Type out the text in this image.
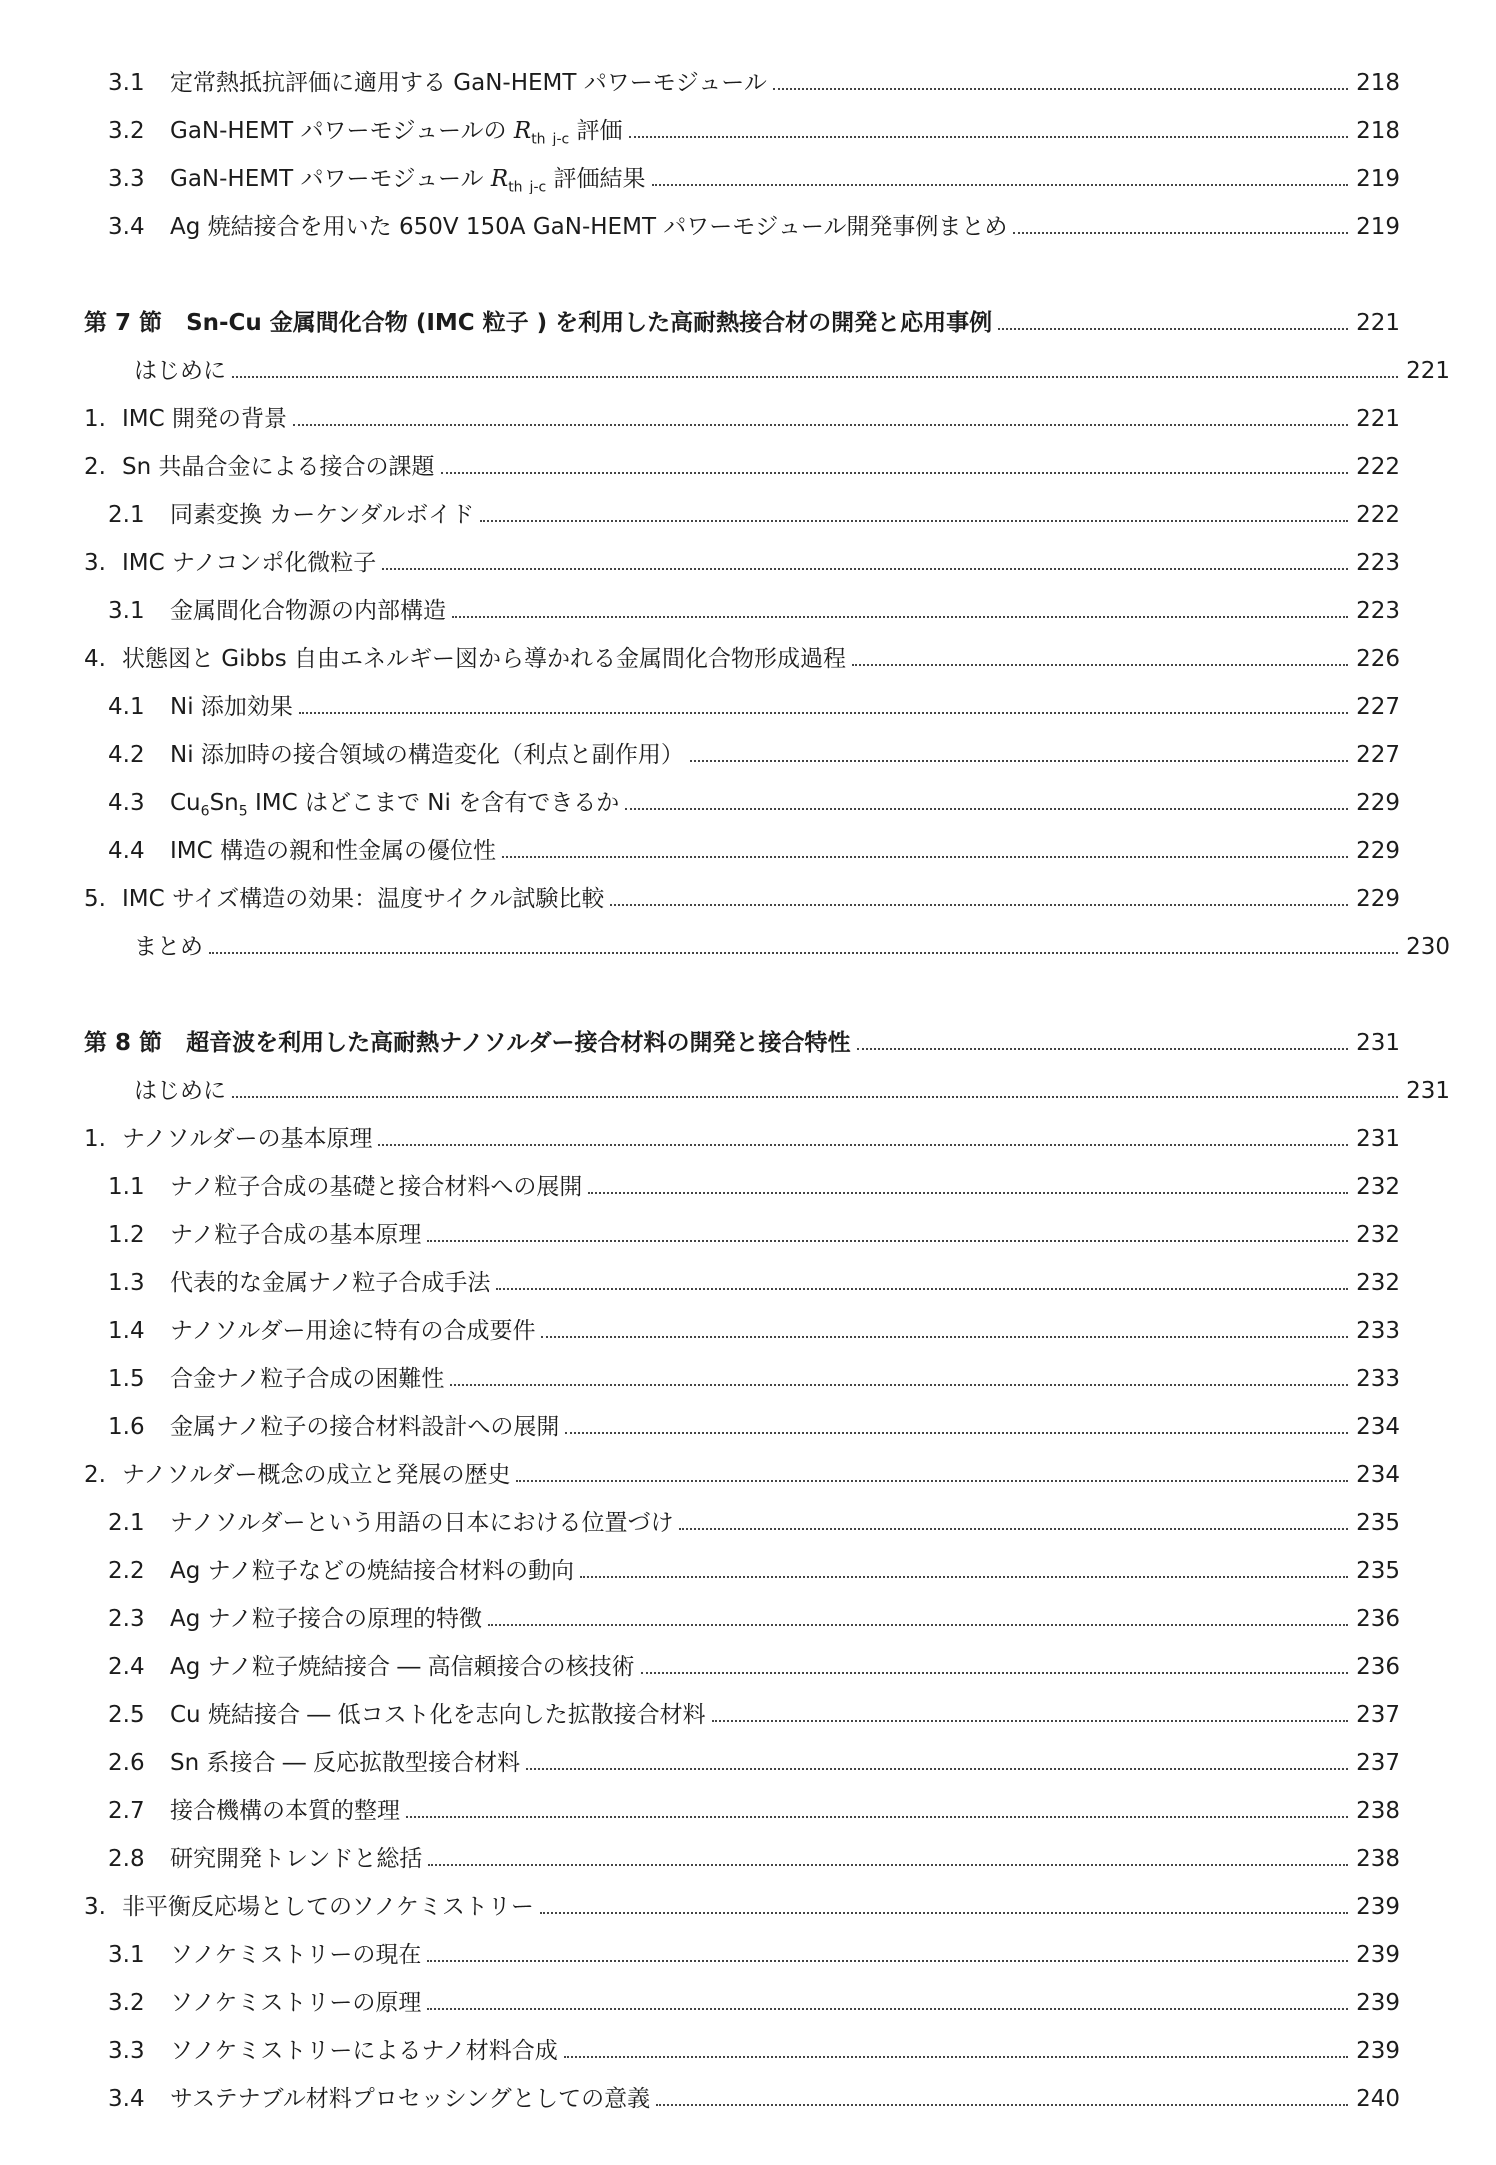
3.1	定常熱抵抗評価に適用する GaN-HEMT パワーモジュール	218
3.2	GaN-HEMT パワーモジュールの $R_{th\_j-c}$ 評価	218
3.3	GaN-HEMT パワーモジュール $R_{th\_j-c}$ 評価結果	219
3.4	Ag 焼結接合を用いた 650V 150A GaN-HEMT パワーモジュール開発事例まとめ	219
第 7 節 Sn-Cu 金属間化合物 (IMC 粒子 ) を利用した高耐熱接合材の開発と応用事例	221
はじめに	221
1. IMC 開発の背景	221
2. Sn 共晶合金による接合の課題	222
2.1	同素変換 カーケンダルボイド	222
3. IMC ナノコンポ化微粒子	223
3.1	金属間化合物源の内部構造	223
4. 状態図と Gibbs 自由エネルギー図から導かれる金属間化合物形成過程	226
4.1	Ni 添加効果	227
4.2	Ni 添加時の接合領域の構造変化（利点と副作用）	227
4.3	$Cu_6Sn_5$ IMC はどこまで Ni を含有できるか	229
4.4	IMC 構造の親和性金属の優位性	229
5. IMC サイズ構造の効果：温度サイクル試験比較	229
まとめ	230
第 8 節 超音波を利用した高耐熱ナノソルダー接合材料の開発と接合特性	231
はじめに	231
1. ナノソルダーの基本原理	231
1.1	ナノ粒子合成の基礎と接合材料への展開	232
1.2	ナノ粒子合成の基本原理	232
1.3	代表的な金属ナノ粒子合成手法	232
1.4	ナノソルダー用途に特有の合成要件	233
1.5	合金ナノ粒子合成の困難性	233
1.6	金属ナノ粒子の接合材料設計への展開	234
2. ナノソルダー概念の成立と発展の歴史	234
2.1	ナノソルダーという用語の日本における位置づけ	235
2.2	Ag ナノ粒子などの焼結接合材料の動向	235
2.3	Ag ナノ粒子接合の原理的特徴	236
2.4	Ag ナノ粒子焼結接合 ― 高信頼接合の核技術	236
2.5	Cu 焼結接合 ― 低コスト化を志向した拡散接合材料	237
2.6	Sn 系接合 ― 反応拡散型接合材料	237
2.7	接合機構の本質的整理	238
2.8	研究開発トレンドと総括	238
3. 非平衡反応場としてのソノケミストリー	239
3.1	ソノケミストリーの現在	239
3.2	ソノケミストリーの原理	239
3.3	ソノケミストリーによるナノ材料合成	239
3.4	サステナブル材料プロセッシングとしての意義	240
